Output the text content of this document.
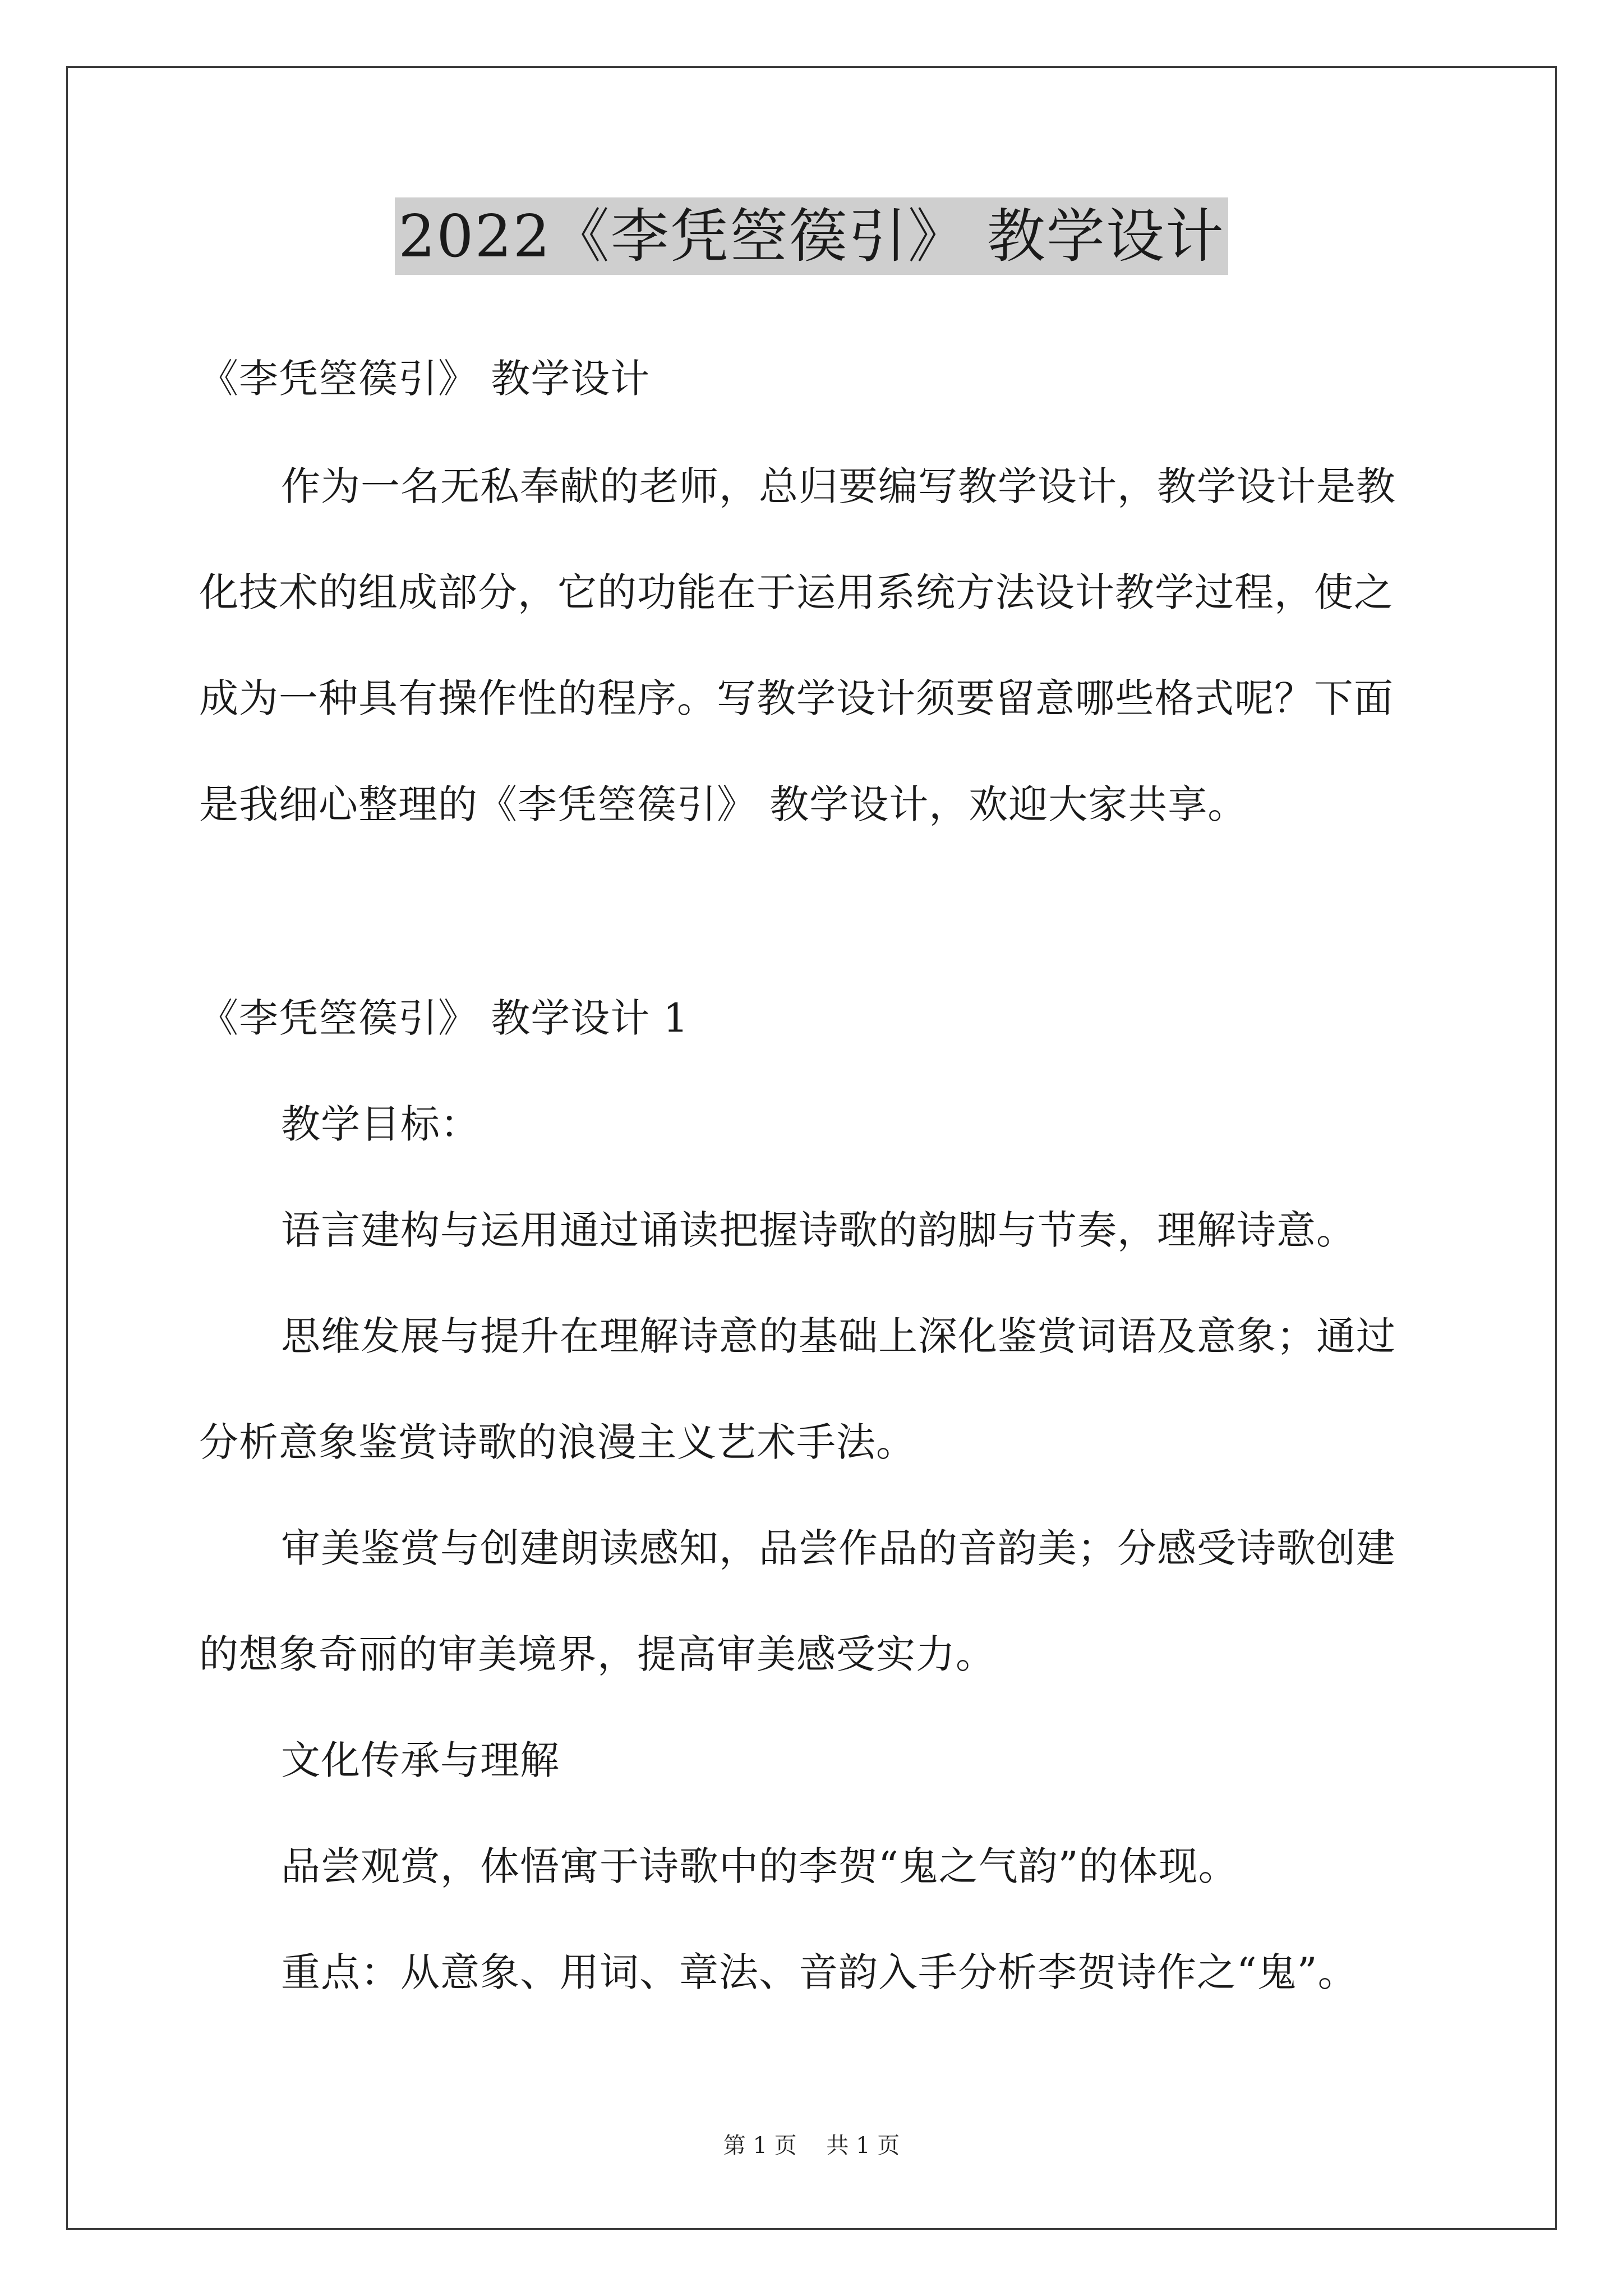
2022《李凭箜篌引》 教学设计
《李凭箜篌引》 教学设计
作为一名无私奉献的老师，总归要编写教学设计，教学设计是教
化技术的组成部分，它的功能在于运用系统方法设计教学过程，使之
成为一种具有操作性的程序。写教学设计须要留意哪些格式呢？下面
是我细心整理的《李凭箜篌引》 教学设计，欢迎大家共享。
《李凭箜篌引》 教学设计 1
教学目标：
语言建构与运用通过诵读把握诗歌的韵脚与节奏，理解诗意。
思维发展与提升在理解诗意的基础上深化鉴赏词语及意象；通过
分析意象鉴赏诗歌的浪漫主义艺术手法。
审美鉴赏与创建朗读感知，品尝作品的音韵美；分感受诗歌创建
的想象奇丽的审美境界，提高审美感受实力。
文化传承与理解
品尝观赏，体悟寓于诗歌中的李贺“鬼之气韵”的体现。
重点：从意象、用词、章法、音韵入手分析李贺诗作之“鬼”。
第 1 页 共 1 页
